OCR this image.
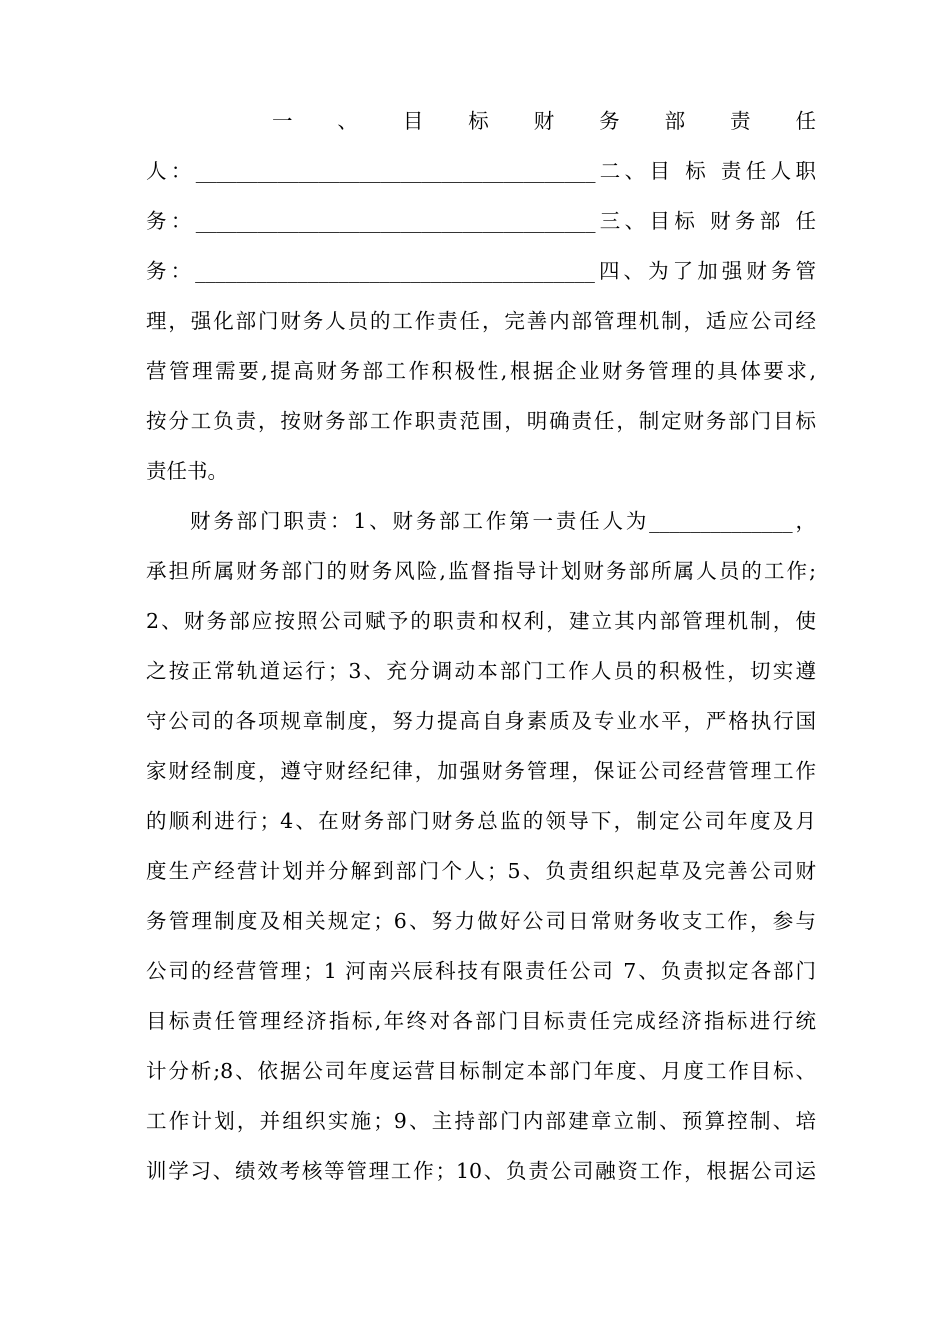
一 、 目 标 财 务 部 责 任
人：_______________________________________二、目 标 责任人职
务：_______________________________________三、目标 财务部 任
务：_______________________________________四、为了加强财务管
理，强化部门财务人员的工作责任，完善内部管理机制，适应公司经
营管理需要,提高财务部工作积极性,根据企业财务管理的具体要求,
按分工负责，按财务部工作职责范围，明确责任，制定财务部门目标
责任书。
财务部门职责：1、财务部工作第一责任人为______________，
承担所属财务部门的财务风险,监督指导计划财务部所属人员的工作;
2、财务部应按照公司赋予的职责和权利，建立其内部管理机制，使
之按正常轨道运行；3、充分调动本部门工作人员的积极性，切实遵
守公司的各项规章制度，努力提高自身素质及专业水平，严格执行国
家财经制度，遵守财经纪律，加强财务管理，保证公司经营管理工作
的顺利进行；4、在财务部门财务总监的领导下，制定公司年度及月
度生产经营计划并分解到部门个人；5、负责组织起草及完善公司财
务管理制度及相关规定；6、努力做好公司日常财务收支工作，参与
公司的经营管理；1 河南兴辰科技有限责任公司 7、负责拟定各部门
目标责任管理经济指标,年终对各部门目标责任完成经济指标进行统
计分析;8、依据公司年度运营目标制定本部门年度、月度工作目标、
工作计划，并组织实施；9、主持部门内部建章立制、预算控制、培
训学习、绩效考核等管理工作；10、负责公司融资工作，根据公司运
